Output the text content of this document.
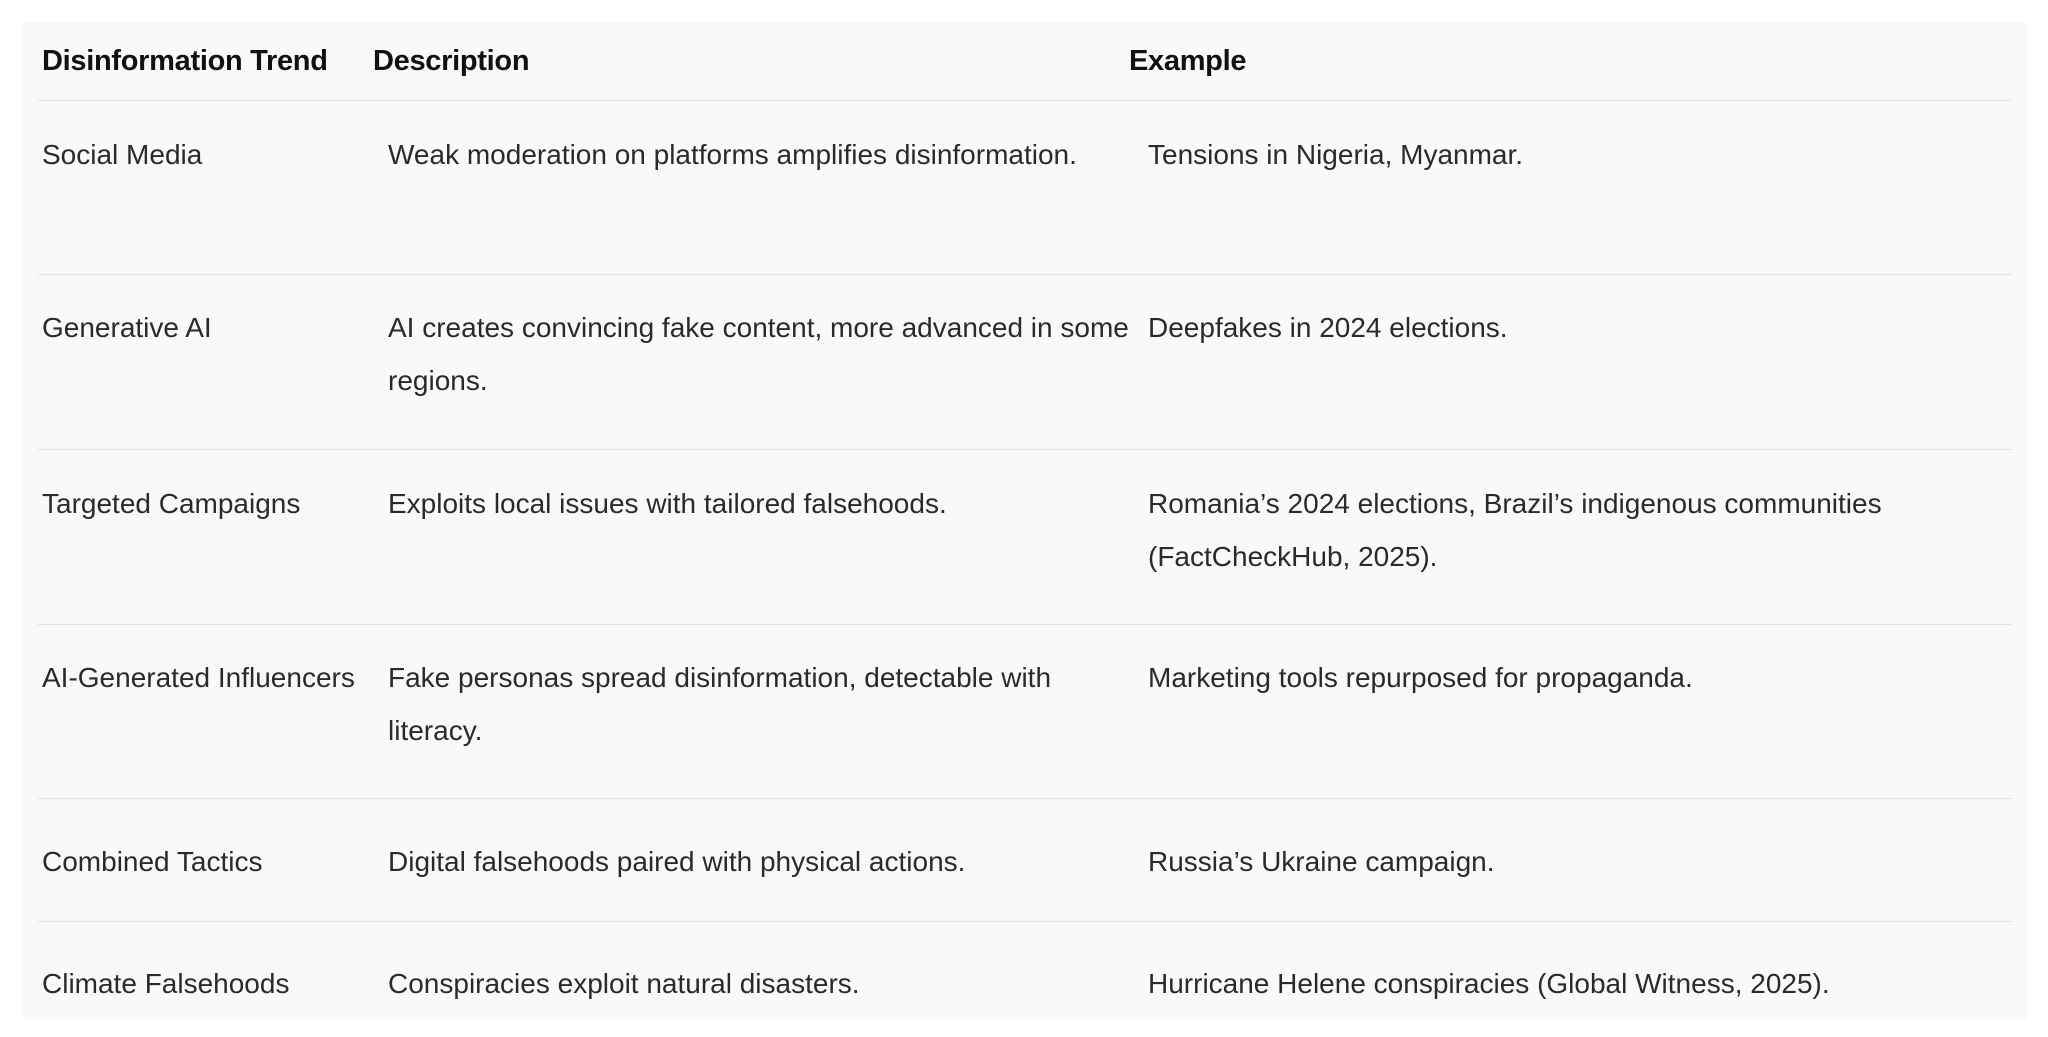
Disinformation Trend	Description	Example
Social Media	Weak moderation on platforms amplifies disinformation.	Tensions in Nigeria, Myanmar.
Generative AI	AI creates convincing fake content, more advanced in some regions.	Deepfakes in 2024 elections.
Targeted Campaigns	Exploits local issues with tailored falsehoods.	Romania’s 2024 elections, Brazil’s indigenous communities (FactCheckHub, 2025).
AI-Generated Influencers	Fake personas spread disinformation, detectable with literacy.	Marketing tools repurposed for propaganda.
Combined Tactics	Digital falsehoods paired with physical actions.	Russia’s Ukraine campaign.
Climate Falsehoods	Conspiracies exploit natural disasters.	Hurricane Helene conspiracies (Global Witness, 2025).
